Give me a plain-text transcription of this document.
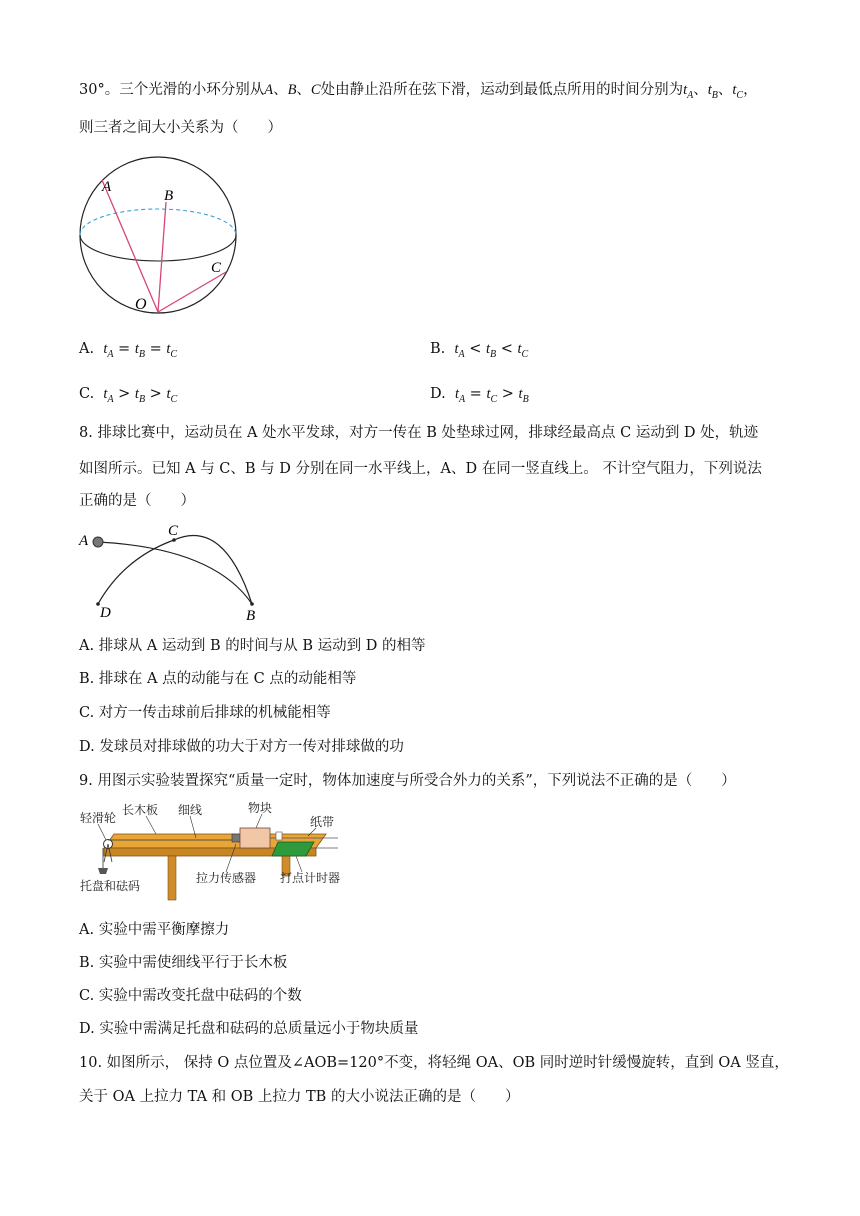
30°。三个光滑的小环分别从A、B、C处由静止沿所在弦下滑，运动到最低点所用的时间分别为$t_A$、$t_B$、$t_C$，
则三者之间大小关系为（　　）
A
B
C
O
A. $t_A = t_B = t_C$	B. $t_A < t_B < t_C$
C. $t_A > t_B > t_C$	D. $t_A = t_C > t_B$
8. 排球比赛中，运动员在 A 处水平发球，对方一传在 B 处垫球过网，排球经最高点 C 运动到 D 处，轨迹
如图所示。已知 A 与 C、B 与 D 分别在同一水平线上，A、D 在同一竖直线上。 不计空气阻力，下列说法
正确的是（　　）
A
C
D	B
A. 排球从 A 运动到 B 的时间与从 B 运动到 D 的相等
B. 排球在 A 点的动能与在 C 点的动能相等
C. 对方一传击球前后排球的机械能相等
D. 发球员对排球做的功大于对方一传对排球做的功
9. 用图示实验装置探究“质量一定时，物体加速度与所受合外力的关系”，下列说法不正确的是（　　）
轻滑轮
长木板 细线	物块
纸带
托盘和砝码
拉力传感器 打点计时器
A. 实验中需平衡摩擦力
B. 实验中需使细线平行于长木板
C. 实验中需改变托盘中砝码的个数
D. 实验中需满足托盘和砝码的总质量远小于物块质量
10. 如图所示， 保持 O 点位置及∠AOB=120°不变，将轻绳 OA、OB 同时逆时针缓慢旋转，直到 OA 竖直，
关于 OA 上拉力 TA 和 OB 上拉力 TB 的大小说法正确的是（　　）
